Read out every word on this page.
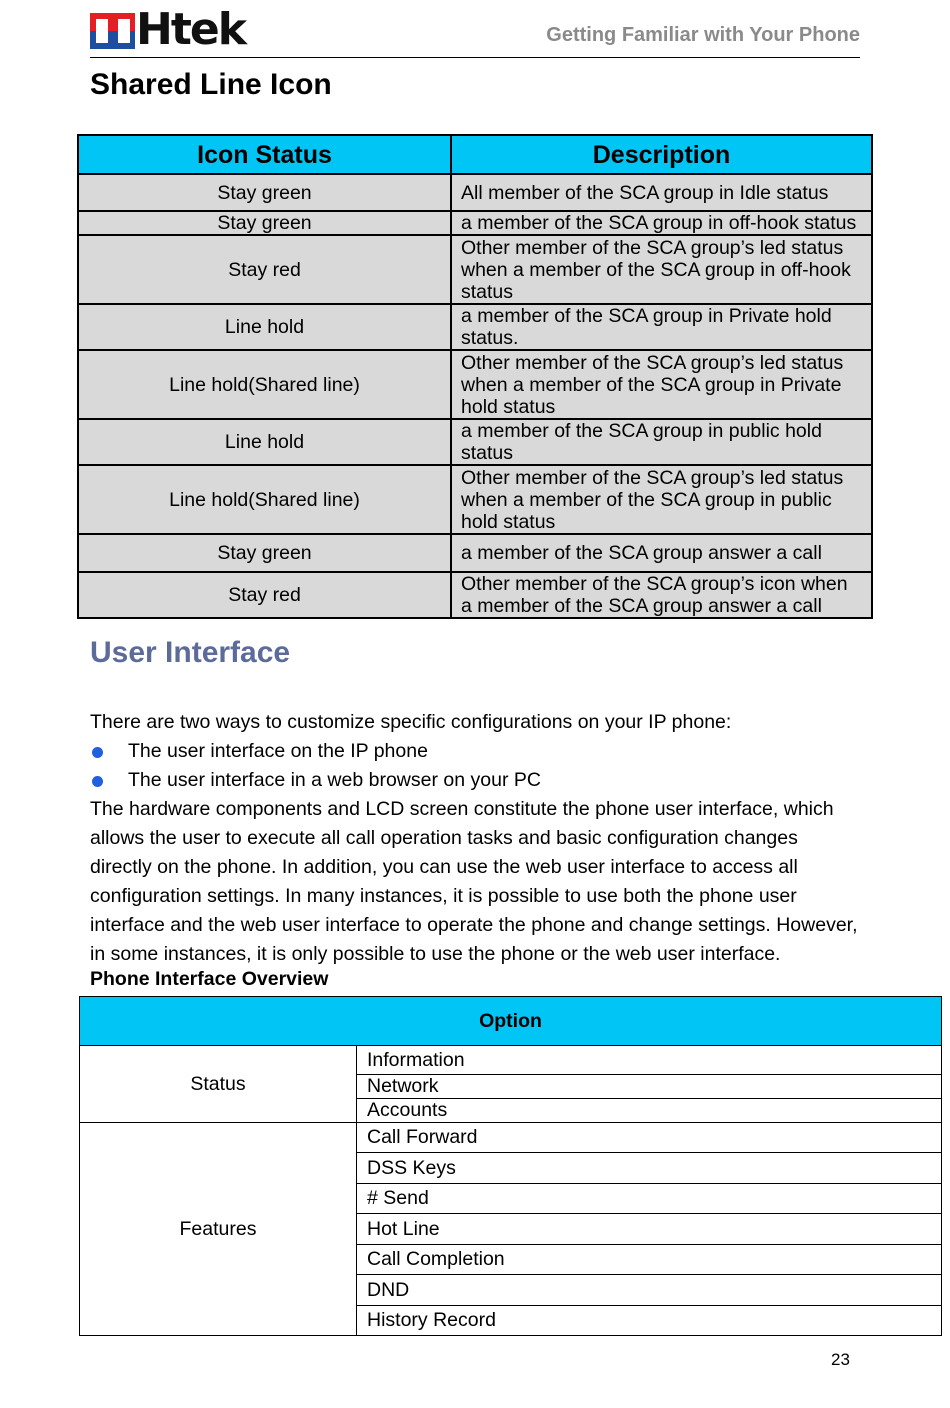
Htek	Getting Familiar with Your Phone
Shared Line Icon
Icon Status	Description
Stay green	All member of the SCA group in Idle status
Stay green	a member of the SCA group in off-hook status
Stay red	Other member of the SCA group’s led status when a member of the SCA group in off-hook status
Line hold	a member of the SCA group in Private hold status.
Line hold(Shared line)	Other member of the SCA group’s led status when a member of the SCA group in Private hold status
Line hold	a member of the SCA group in public hold status
Line hold(Shared line)	Other member of the SCA group’s led status when a member of the SCA group in public hold status
Stay green	a member of the SCA group answer a call
Stay red	Other member of the SCA group’s icon when a member of the SCA group answer a call
User Interface
There are two ways to customize specific configurations on your IP phone:
The user interface on the IP phone
The user interface in a web browser on your PC
The hardware components and LCD screen constitute the phone user interface, which allows the user to execute all call operation tasks and basic configuration changes directly on the phone. In addition, you can use the web user interface to access all configuration settings. In many instances, it is possible to use both the phone user interface and the web user interface to operate the phone and change settings. However, in some instances, it is only possible to use the phone or the web user interface.
Phone Interface Overview
Option	
Status	Information
	Network
	Accounts
Features	Call Forward
	DSS Keys
	# Send
	Hot Line
	Call Completion
	DND
	History Record
23
